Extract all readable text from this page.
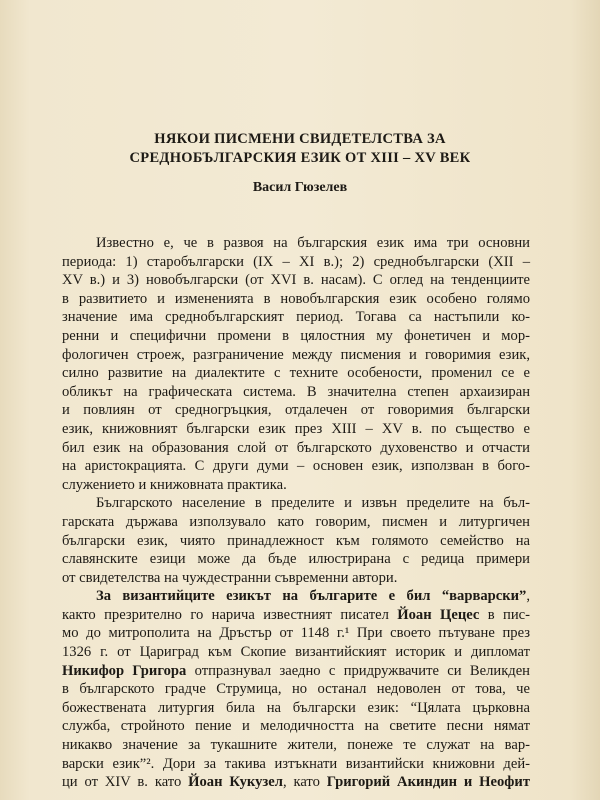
НЯКОИ ПИСМЕНИ СВИДЕТЕЛСТВА ЗА
СРЕДНОБЪЛГАРСКИЯ ЕЗИК ОТ XIII – XV ВЕК
Васил Гюзелев
Известно е, че в развоя на българския език има три основни
периода: 1) старобългарски (IX – XI в.); 2) среднобългарски (XII –
XV в.) и 3) новобългарски (от XVI в. насам). С оглед на тенденциите
в развитието и измененията в новобългарския език особено голямо
значение има среднобългарският период. Тогава са настъпили ко-
ренни и специфични промени в цялостния му фонетичен и мор-
фологичен строеж, разграничение между писмения и говоримия език,
силно развитие на диалектите с техните особености, променил се е
обликът на графическата система. В значителна степен архаизиран
и повлиян от средногръцкия, отдалечен от говоримия български
език, книжовният български език през XIII – XV в. по същество е
бил език на образования слой от българското духовенство и отчасти
на аристокрацията. С други думи – основен език, използван в бого-
служението и книжовната практика.
Българското население в пределите и извън пределите на бъл-
гарската държава използувало като говорим, писмен и литургичен
български език, чиято принадлежност към голямото семейство на
славянските езици може да бъде илюстрирана с редица примери
от свидетелства на чуждестранни съвременни автори.
За византийците езикът на българите е бил “варварски”,
както презрително го нарича известният писател Йоан Цецес в пис-
мо до митрополита на Дръстър от 1148 г.¹ При своето пътуване през
1326 г. от Цариград към Скопие византийският историк и дипломат
Никифор Григора отпразнувал заедно с придружвачите си Великден
в българското градче Струмица, но останал недоволен от това, че
божествената литургия била на български език: “Цялата църковна
служба, стройното пение и мелодичността на светите песни нямат
никакво значение за тукашните жители, понеже те служат на вар-
варски език”². Дори за такива изтъкнати византийски книжовни дей-
ци от XIV в. като Йоан Кукузел, като Григорий Акиндин и Неофит
